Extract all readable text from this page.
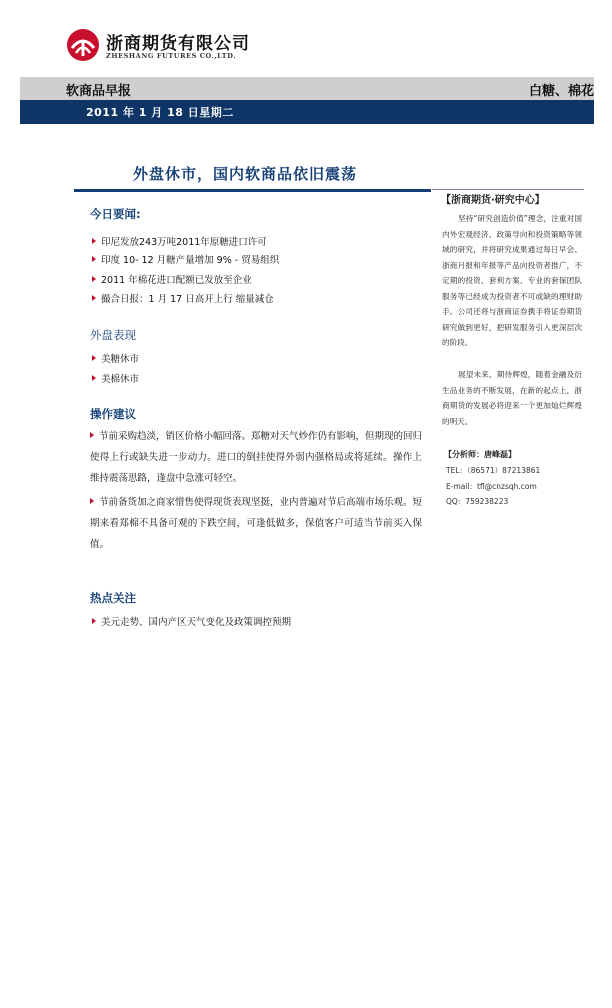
浙商期货有限公司
ZHESHANG FUTURES CO.,LTD.
软商品早报	白糖、棉花
2011 年 1 月 18 日星期二
外盘休市，国内软商品依旧震荡
今日要闻:
印尼发放243万吨2011年原糖进口许可
印度 10- 12 月糖产量增加 9% - 贸易组织
2011 年棉花进口配额已发放至企业
撮合日报：1 月 17 日高开上行 缩量减仓
外盘表现
美糖休市
美棉休市
操作建议
节前采购趋淡，销区价格小幅回落。郑糖对天气炒作仍有影响，但期现的回归使得上行或缺失进一步动力。进口的倒挂使得外弱内强格局或将延续。操作上维持震荡思路，逢盘中急涨可轻空。
节前备货加之商家惜售使得现货表现坚挺，业内普遍对节后高端市场乐观。短期来看郑棉不具备可观的下跌空间，可逢低做多，保值客户可适当节前买入保值。
热点关注
美元走势、国内产区天气变化及政策调控预期
【浙商期货·研究中心】
坚持“研究创造价值”理念，注重对国内外宏观经济、政策导向和投资策略等领域的研究，并将研究成果通过每日早会、浙商月报和年报等产品向投资者推广，不定期的投资、套利方案、专业的套保团队服务等已经成为投资者不可或缺的理财助手。公司还将与浙商证券携手将证券期货研究做到更好，把研发服务引入更深层次的阶段。
展望未来、期待辉煌，随着金融及衍生品业务的不断发展，在新的起点上，浙商期货的发展必将迎来一个更加灿烂辉煌的明天。
【分析师：唐峰磊】
TEL：（86571）87213861
E-mail：tfl@cnzsqh.com
QQ：759238223
